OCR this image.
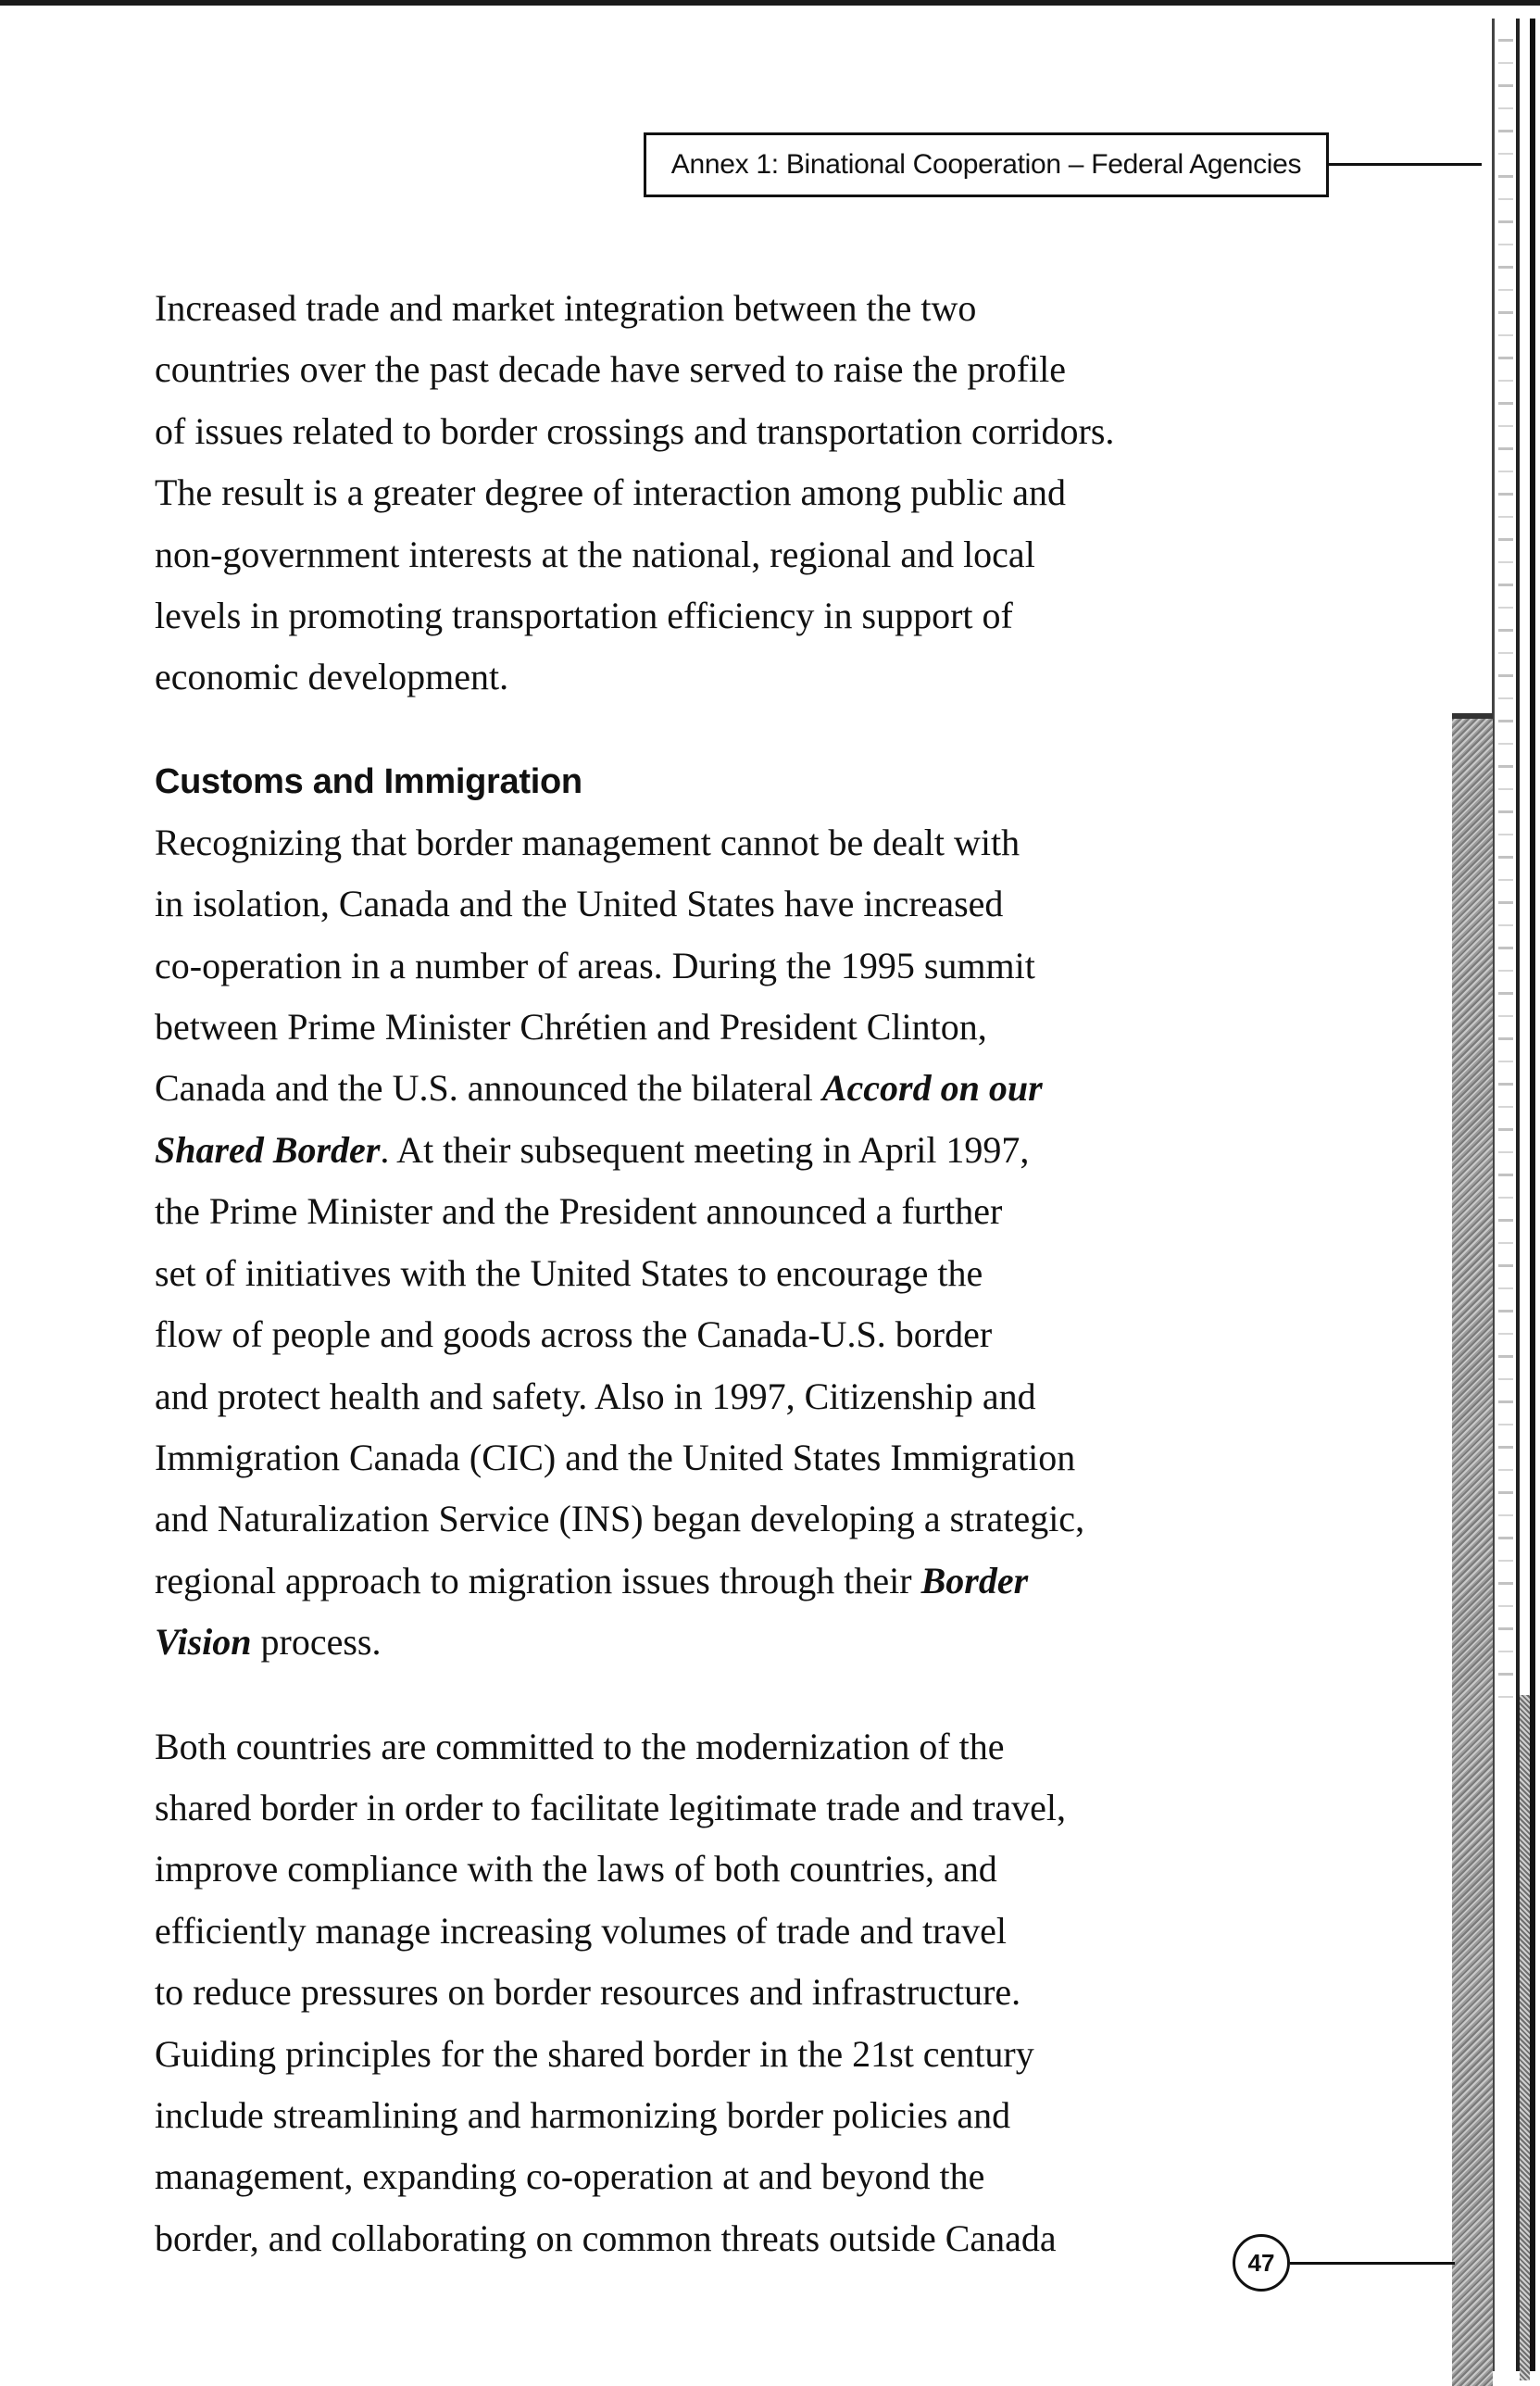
Annex 1: Binational Cooperation – Federal Agencies

Increased trade and market integration between the two

countries over the past decade have served to raise the profile

of issues related to border crossings and transportation corridors.

The result is a greater degree of interaction among public and

non-government interests at the national, regional and local

levels in promoting transportation efficiency in support of

economic development.

Customs and Immigration

Recognizing that border management cannot be dealt with

in isolation, Canada and the United States have increased

co-operation in a number of areas. During the 1995 summit

between Prime Minister Chrétien and President Clinton,

Canada and the U.S. announced the bilateral Accord on our

Shared Border. At their subsequent meeting in April 1997,

the Prime Minister and the President announced a further

set of initiatives with the United States to encourage the

flow of people and goods across the Canada-U.S. border

and protect health and safety. Also in 1997, Citizenship and

Immigration Canada (CIC) and the United States Immigration

and Naturalization Service (INS) began developing a strategic,

regional approach to migration issues through their Border

Vision process.

Both countries are committed to the modernization of the

shared border in order to facilitate legitimate trade and travel,

improve compliance with the laws of both countries, and

efficiently manage increasing volumes of trade and travel

to reduce pressures on border resources and infrastructure.

Guiding principles for the shared border in the 21st century

include streamlining and harmonizing border policies and

management, expanding co-operation at and beyond the

border, and collaborating on common threats outside Canada

47
